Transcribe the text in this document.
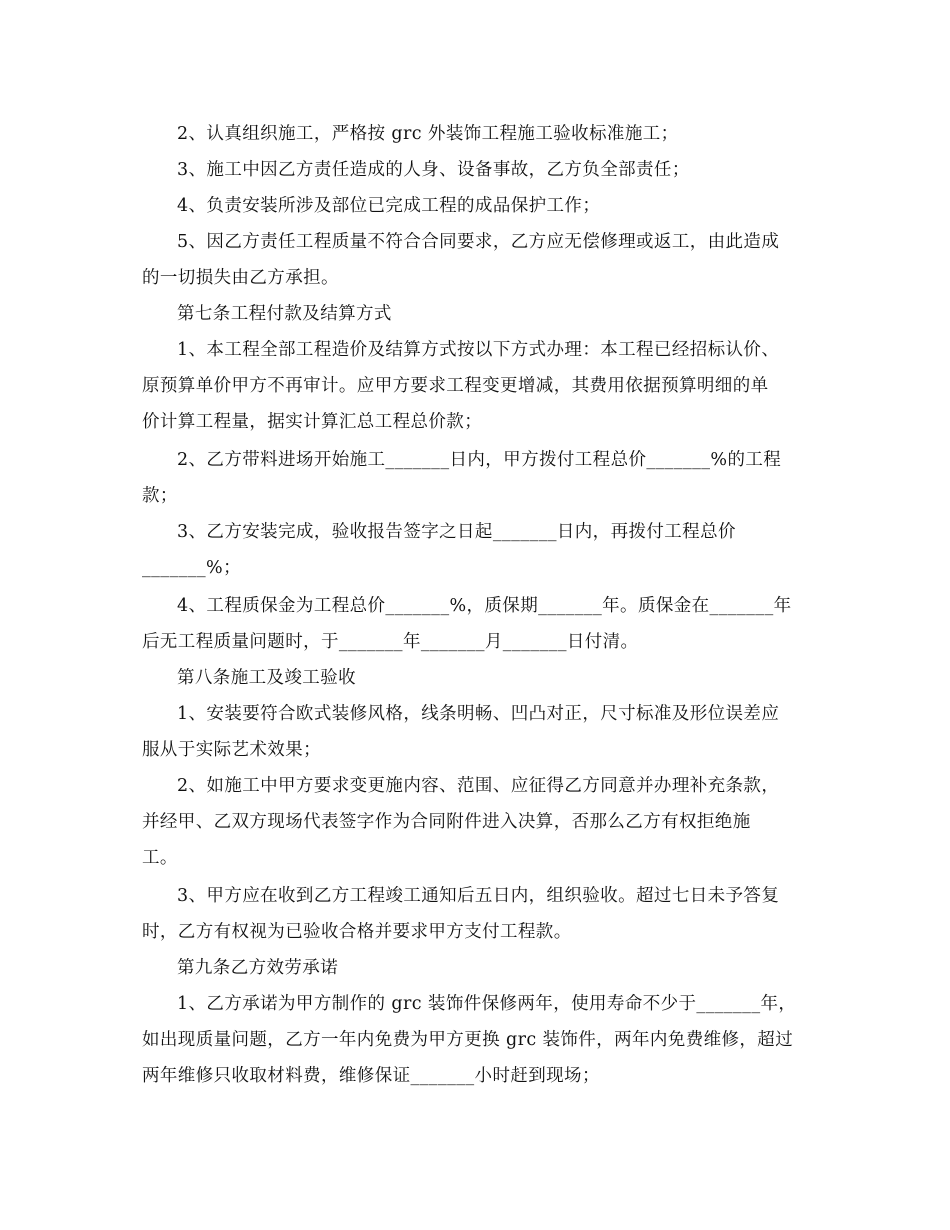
2、认真组织施工，严格按 grc 外装饰工程施工验收标准施工；
3、施工中因乙方责任造成的人身、设备事故，乙方负全部责任；
4、负责安装所涉及部位已完成工程的成品保护工作；
5、因乙方责任工程质量不符合合同要求，乙方应无偿修理或返工，由此造成
的一切损失由乙方承担。
第七条工程付款及结算方式
1、本工程全部工程造价及结算方式按以下方式办理：本工程已经招标认价、
原预算单价甲方不再审计。应甲方要求工程变更增减，其费用依据预算明细的单
价计算工程量，据实计算汇总工程总价款；
2、乙方带料进场开始施工_______日内，甲方拨付工程总价_______%的工程
款；
3、乙方安装完成，验收报告签字之日起_______日内，再拨付工程总价
_______%；
4、工程质保金为工程总价_______%，质保期_______年。质保金在_______年
后无工程质量问题时，于_______年_______月_______日付清。
第八条施工及竣工验收
1、安装要符合欧式装修风格，线条明畅、凹凸对正，尺寸标准及形位误差应
服从于实际艺术效果；
2、如施工中甲方要求变更施内容、范围、应征得乙方同意并办理补充条款，
并经甲、乙双方现场代表签字作为合同附件进入决算，否那么乙方有权拒绝施
工。
3、甲方应在收到乙方工程竣工通知后五日内，组织验收。超过七日未予答复
时，乙方有权视为已验收合格并要求甲方支付工程款。
第九条乙方效劳承诺
1、乙方承诺为甲方制作的 grc 装饰件保修两年，使用寿命不少于_______年，
如出现质量问题，乙方一年内免费为甲方更换 grc 装饰件，两年内免费维修，超过
两年维修只收取材料费，维修保证_______小时赶到现场；
